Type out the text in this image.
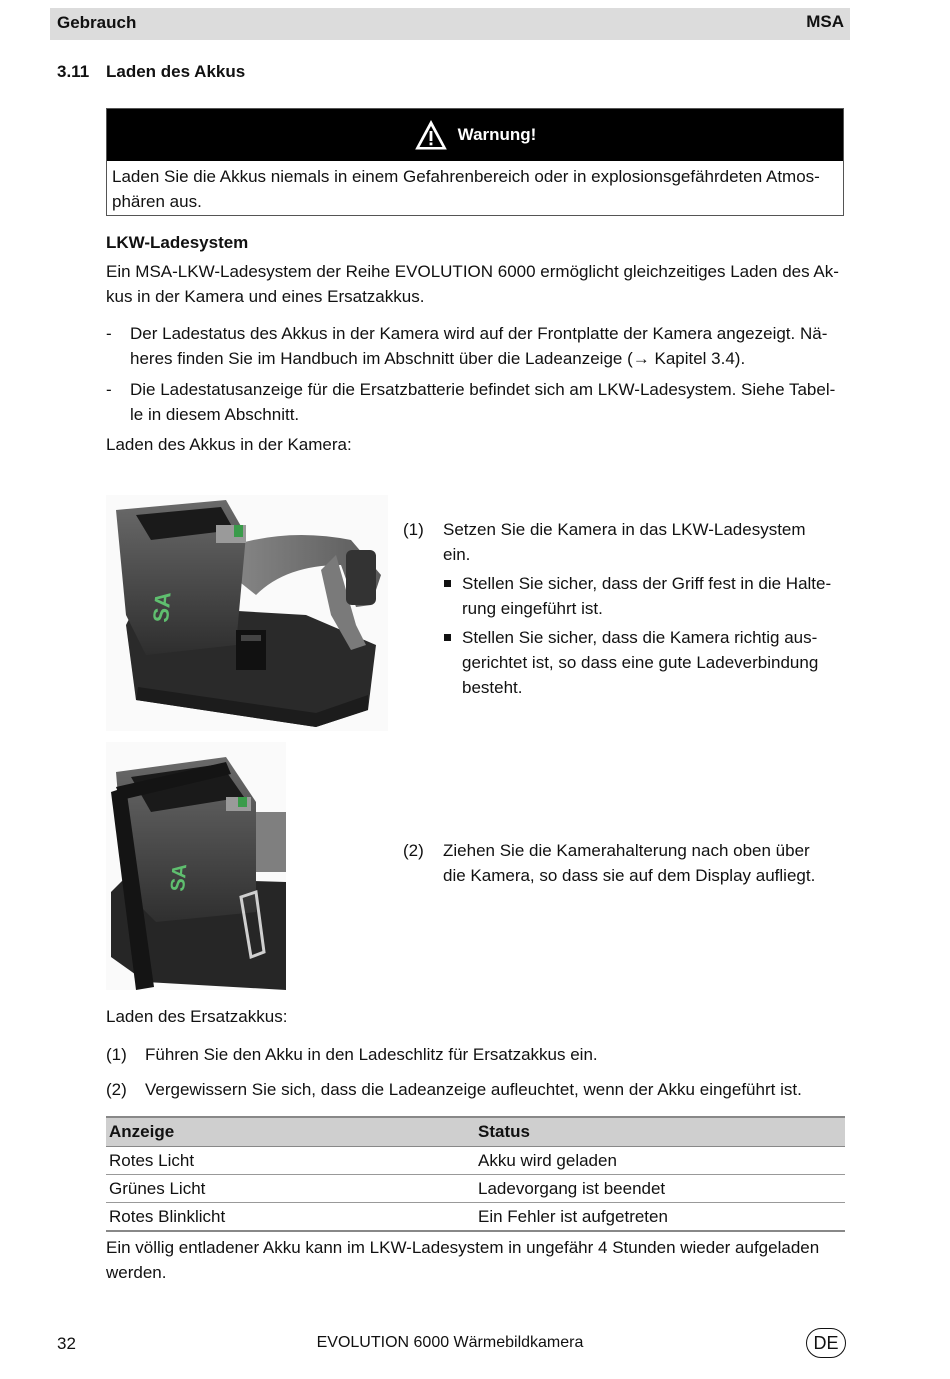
Gebrauch	MSA
3.11 Laden des Akkus
Warnung!
Laden Sie die Akkus niemals in einem Gefahrenbereich oder in explosionsgefährdeten Atmos-
phären aus.
LKW-Ladesystem
Ein MSA-LKW-Ladesystem der Reihe EVOLUTION 6000 ermöglicht gleichzeitiges Laden des Ak-
kus in der Kamera und eines Ersatzakkus.
- Der Ladestatus des Akkus in der Kamera wird auf der Frontplatte der Kamera angezeigt. Nä-
heres finden Sie im Handbuch im Abschnitt über die Ladeanzeige (→ Kapitel 3.4).
- Die Ladestatusanzeige für die Ersatzbatterie befindet sich am LKW-Ladesystem. Siehe Tabel-
le in diesem Abschnitt.
Laden des Akkus in der Kamera:
SA
SA
(1) Setzen Sie die Kamera in das LKW-Ladesystem
ein.
Stellen Sie sicher, dass der Griff fest in die Halte-
rung eingeführt ist.
Stellen Sie sicher, dass die Kamera richtig aus-
gerichtet ist, so dass eine gute Ladeverbindung
besteht.
(2) Ziehen Sie die Kamerahalterung nach oben über
die Kamera, so dass sie auf dem Display aufliegt.
Laden des Ersatzakkus:
(1) Führen Sie den Akku in den Ladeschlitz für Ersatzakkus ein.
(2) Vergewissern Sie sich, dass die Ladeanzeige aufleuchtet, wenn der Akku eingeführt ist.
Anzeige	Status
Rotes Licht	Akku wird geladen
Grünes Licht	Ladevorgang ist beendet
Rotes Blinklicht	Ein Fehler ist aufgetreten
Ein völlig entladener Akku kann im LKW-Ladesystem in ungefähr 4 Stunden wieder aufgeladen
werden.
32	EVOLUTION 6000 Wärmebildkamera	DE
